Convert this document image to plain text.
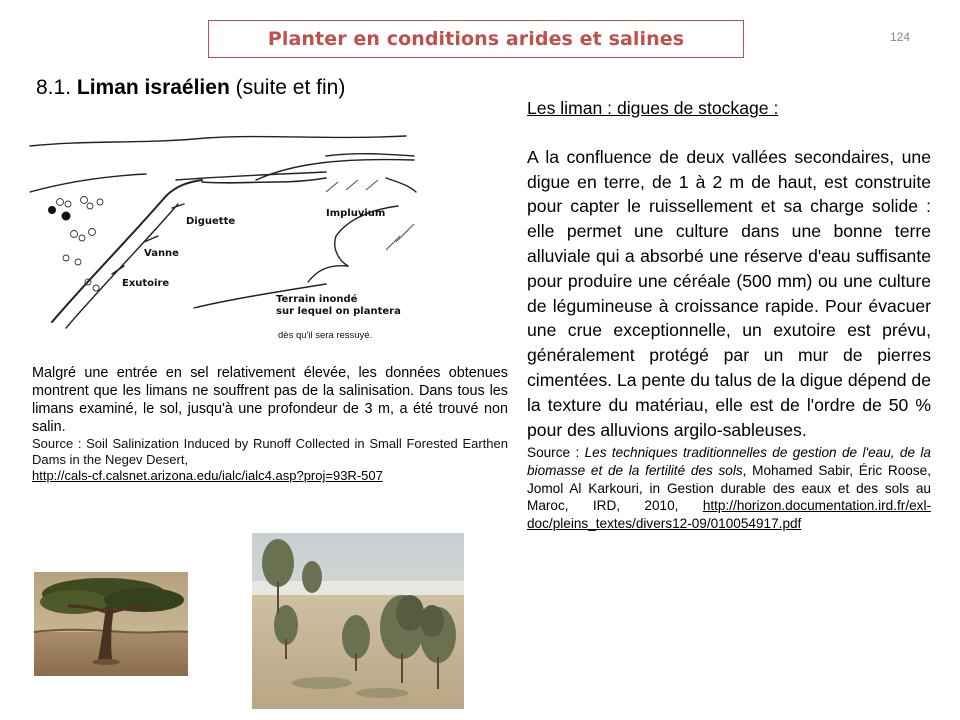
Planter en conditions arides et salines	124
8.1. Liman israélien (suite et fin)
Diguette
Impluvium
Vanne
Exutoire
Terrain inondé
sur lequel on plantera
dès qu'il sera ressuyé.

Malgré une entrée en sel relativement élevée, les données obtenues montrent que les limans ne souffrent pas de la salinisation. Dans tous les limans examiné, le sol, jusqu'à une profondeur de 3 m, a été trouvé non salin.

Source : Soil Salinization Induced by Runoff Collected in Small Forested Earthen Dams in the Negev Desert,

http://cals-cf.calsnet.arizona.edu/ialc/ialc4.asp?proj=93R-507

Les liman : digues de stockage :

A la confluence de deux vallées secondaires, une digue en terre, de 1 à 2 m de haut, est construite pour capter le ruissellement et sa charge solide : elle permet une culture dans une bonne terre alluviale qui a absorbé une réserve d'eau suffisante pour produire une céréale (500 mm) ou une culture de légumineuse à croissance rapide. Pour évacuer une crue exceptionnelle, un exutoire est prévu, généralement protégé par un mur de pierres cimentées. La pente du talus de la digue dépend de la texture du matériau, elle est de l'ordre de 50 % pour des alluvions argilo-sableuses.

Source : Les techniques traditionnelles de gestion de l'eau, de la biomasse et de la fertilité des sols, Mohamed Sabir, Éric Roose, Jomol Al Karkouri, in Gestion durable des eaux et des sols au Maroc, IRD, 2010, http://horizon.documentation.ird.fr/exl-doc/pleins_textes/divers12-09/010054917.pdf
